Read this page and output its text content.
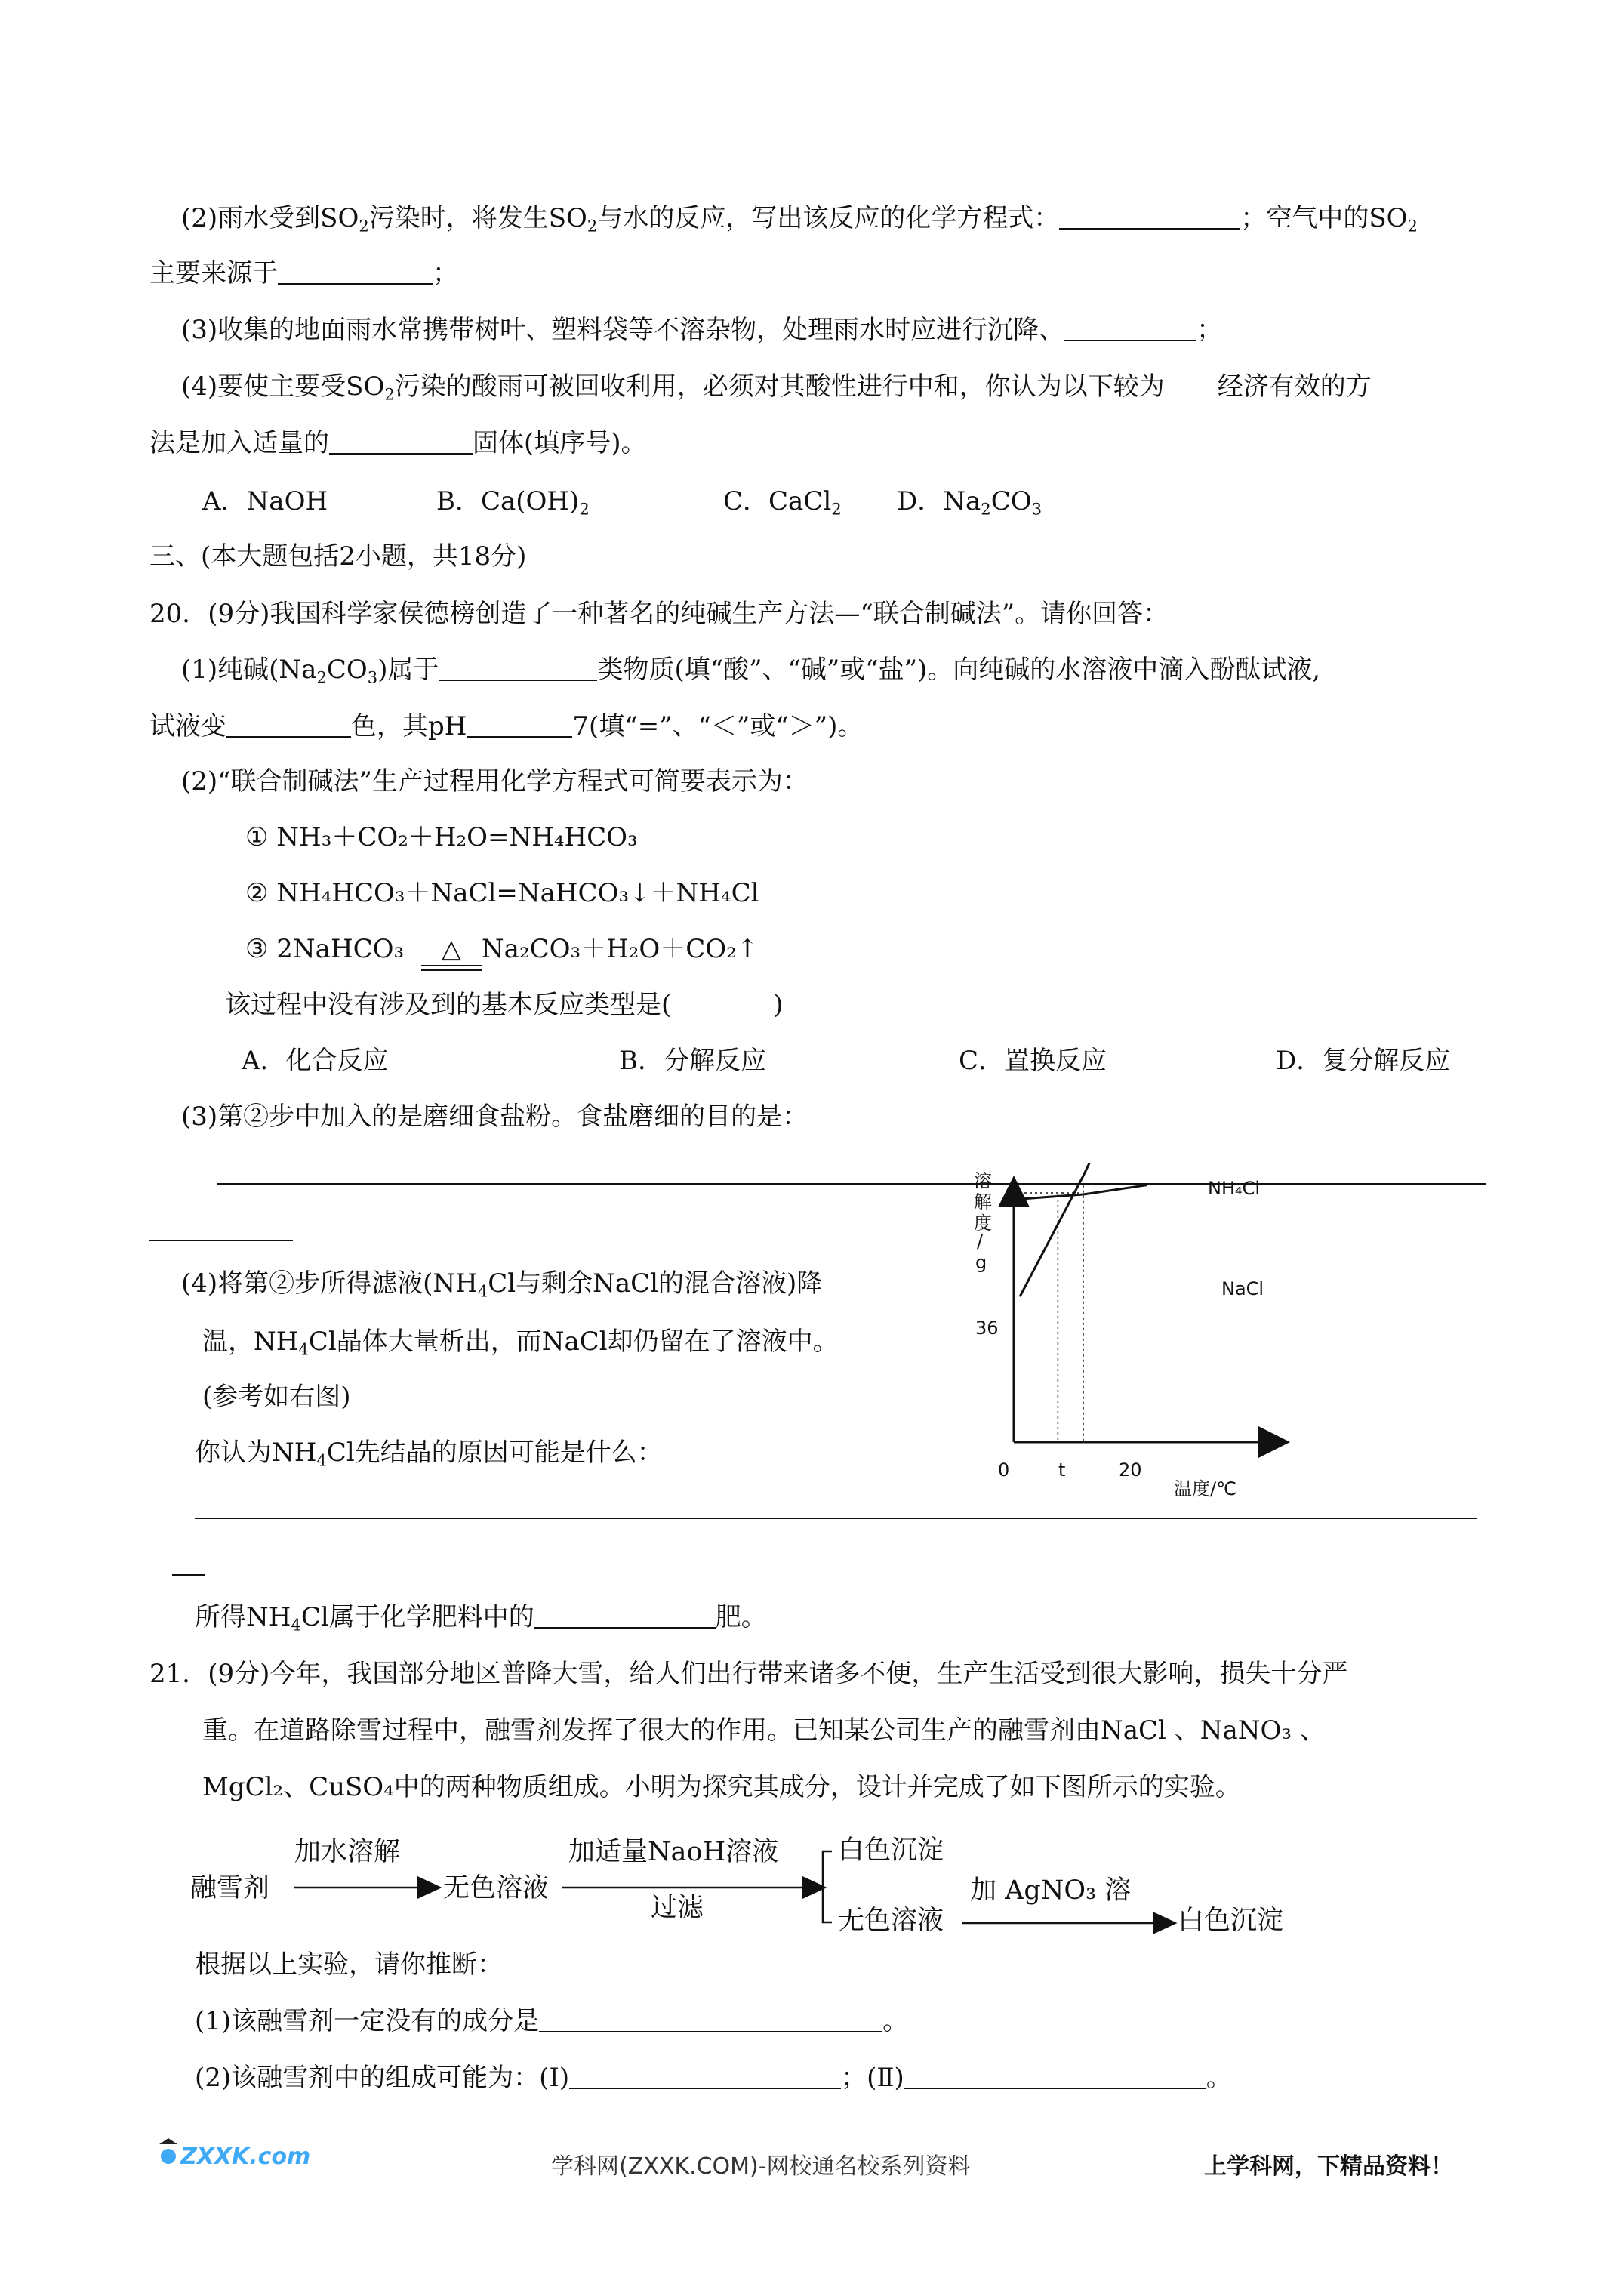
(2)雨水受到$SO_2$污染时，将发生$SO_2$与水的反应，写出该反应的化学方程式：	；空气中的$SO_2$
主要来源于	；
(3)收集的地面雨水常携带树叶、塑料袋等不溶杂物，处理雨水时应进行沉降、	；
(4)要使主要受$SO_2$污染的酸雨可被回收利用，必须对其酸性进行中和，你认为以下较为 经济有效的方
法是加入适量的	固体(填序号)。
A．NaOH	B．$Ca(OH)_2$	C．CaCl$_2$ D．$Na_2CO_3$
三、(本大题包括2小题，共18分)
20．(9分)我国科学家侯德榜创造了一种著名的纯碱生产方法—“联合制碱法”。请你回答：
(1)纯碱$(Na_2CO_3)$属于	类物质(填“酸”、“碱”或“盐”)。向纯碱的水溶液中滴入酚酞试液,
试液变	色，其pH	7(填“=”、“＜”或“＞”)。
(2)“联合制碱法”生产过程用化学方程式可简要表示为：
① NH₃＋CO₂＋H₂O=NH₄HCO₃
② NH₄HCO₃＋NaCl=NaHCO₃↓＋NH₄Cl
③ 2NaHCO₃ △ Na₂CO₃＋H₂O＋CO₂↑
该过程中没有涉及到的基本反应类型是(	)
A．化合反应	B．分解反应	C．置换反应	D．复分解反应
(3)第②步中加入的是磨细食盐粉。食盐磨细的目的是：
(4)将第②步所得滤液($NH_4Cl$与剩余NaCl的混合溶液)降
温，$NH_4Cl$晶体大量析出，而NaCl却仍留在了溶液中。
(参考如右图)
你认为$NH_4Cl$先结晶的原因可能是什么：
溶
解
度
/
g
36
0	t	20
温度/℃
NH₄Cl
NaCl
所得$NH_4Cl$属于化学肥料中的	肥。
21．(9分)今年，我国部分地区普降大雪，给人们出行带来诸多不便，生产生活受到很大影响，损失十分严
重。在道路除雪过程中，融雪剂发挥了很大的作用。已知某公司生产的融雪剂由NaCl 、NaNO₃ 、
MgCl₂、CuSO₄中的两种物质组成。小明为探究其成分，设计并完成了如下图所示的实验。
融雪剂
加水溶解
无色溶液
加适量NaoH溶液
过滤
白色沉淀
无色溶液
加 AgNO₃ 溶
白色沉淀
根据以上实验，请你推断：
(1)该融雪剂一定没有的成分是	。
(2)该融雪剂中的组成可能为：(Ⅰ)	；(Ⅱ)	。
ZXXK.com	学科网(ZXXK.COM)-网校通名校系列资料	上学科网，下精品资料！
